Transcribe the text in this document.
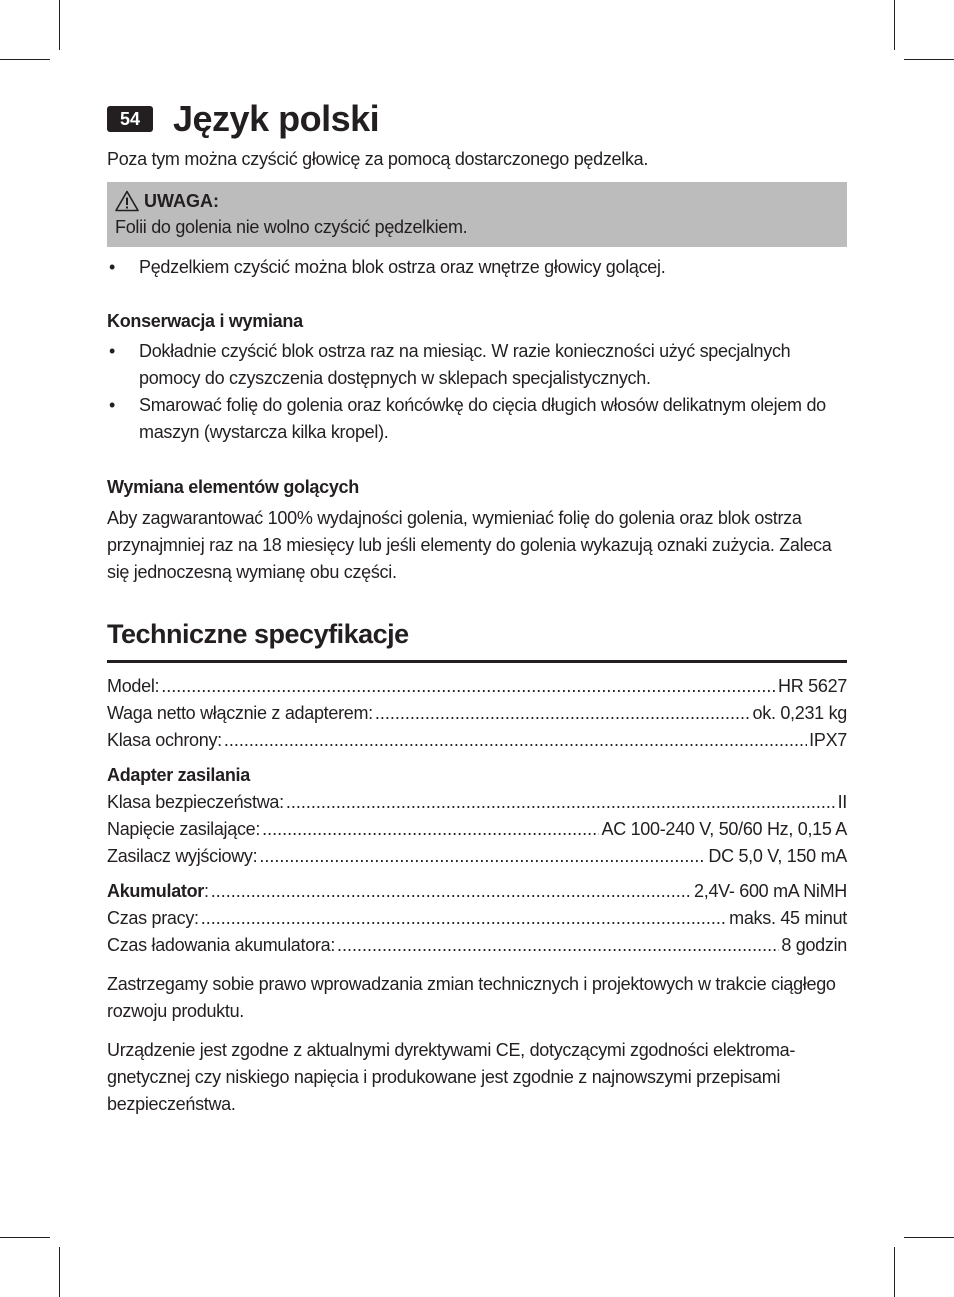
54 Język polski

Poza tym można czyścić głowicę za pomocą dostarczonego pędzelka.

UWAGA:
Folii do golenia nie wolno czyścić pędzelkiem.
• Pędzelkiem czyścić można blok ostrza oraz wnętrze głowicy golącej.
Konserwacja i wymiana
• Dokładnie czyścić blok ostrza raz na miesiąc. W razie konieczności użyć specjalnych pomocy do czyszczenia dostępnych w sklepach specjalistycznych.
• Smarować folię do golenia oraz końcówkę do cięcia długich włosów delikatnym olejem do maszyn (wystarcza kilka kropel).
Wymiana elementów golących

Aby zagwarantować 100% wydajności golenia, wymieniać folię do golenia oraz blok ostrza przynajmniej raz na 18 miesięcy lub jeśli elementy do golenia wykazują oznaki zużycia. Zaleca się jednoczesną wymianę obu części.

Techniczne specyfikacje
Model: .....	HR 5627
Waga netto włącznie z adapterem: .....	ok. 0,231 kg
Klasa ochrony: .....	IPX7
Adapter zasilania
Klasa bezpieczeństwa: .....	II
Napięcie zasilające: .....	AC 100-240 V, 50/60 Hz, 0,15 A
Zasilacz wyjściowy: .....	DC 5,0 V, 150 mA
Akumulator: .....	2,4V- 600 mA NiMH
Czas pracy: .....	maks. 45 minut
Czas ładowania akumulatora: .....	8 godzin

Zastrzegamy sobie prawo wprowadzania zmian technicznych i projektowych w trakcie ciągłego rozwoju produktu.

Urządzenie jest zgodne z aktualnymi dyrektywami CE, dotyczącymi zgodności elektroma-gnetycznej czy niskiego napięcia i produkowane jest zgodnie z najnowszymi przepisami bezpieczeństwa.
